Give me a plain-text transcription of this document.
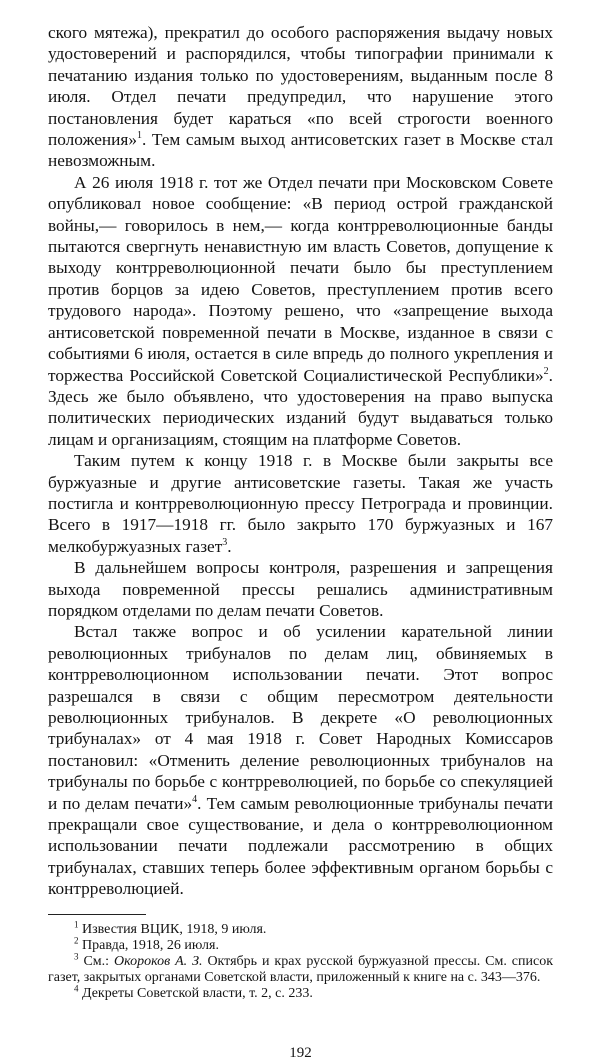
ского мятежа), прекратил до особого распоряжения выдачу новых удостоверений и распорядился, чтобы типографии принимали к печатанию издания только по удостоверениям, выданным после 8 июля. Отдел печати предупредил, что нарушение этого постановления будет караться «по всей строгости военного положения»$^1$. Тем самым выход антисоветских газет в Москве стал невозможным.

А 26 июля 1918 г. тот же Отдел печати при Московском Совете опубликовал новое сообщение: «В период острой гражданской войны,— говорилось в нем,— когда контрреволюционные банды пытаются свергнуть ненавистную им власть Советов, допущение к выходу контрреволюционной печати было бы преступлением против борцов за идею Советов, преступлением против всего трудового народа». Поэтому решено, что «запрещение выхода антисоветской повременной печати в Москве, изданное в связи с событиями 6 июля, остается в силе впредь до полного укрепления и торжества Российской Советской Социалистической Республики»$^2$. Здесь же было объявлено, что удостоверения на право выпуска политических периодических изданий будут выдаваться только лицам и организациям, стоящим на платформе Советов.

Таким путем к концу 1918 г. в Москве были закрыты все буржуазные и другие антисоветские газеты. Такая же участь постигла и контрреволюционную прессу Петрограда и провинции. Всего в 1917—1918 гг. было закрыто 170 буржуазных и 167 мелкобуржуазных газет$^3$.

В дальнейшем вопросы контроля, разрешения и запрещения выхода повременной прессы решались административным порядком отделами по делам печати Советов.

Встал также вопрос и об усилении карательной линии революционных трибуналов по делам лиц, обвиняемых в контрреволюционном использовании печати. Этот вопрос разрешался в связи с общим пересмотром деятельности революционных трибуналов. В декрете «О революционных трибуналах» от 4 мая 1918 г. Совет Народных Комиссаров постановил: «Отменить деление революционных трибуналов на трибуналы по борьбе с контрреволюцией, по борьбе со спекуляцией и по делам печати»$^4$. Тем самым революционные трибуналы печати прекращали свое существование, и дела о контрреволюционном использовании печати подлежали рассмотрению в общих трибуналах, ставших теперь более эффективным органом борьбы с контрреволюцией.

$^1$ Известия ВЦИК, 1918, 9 июля.

$^2$ Правда, 1918, 26 июля.

$^3$ См.: Окороков А. З. Октябрь и крах русской буржуазной прессы. См. список газет, закрытых органами Советской власти, приложенный к книге на с. 343—376.

$^4$ Декреты Советской власти, т. 2, с. 233.

192
